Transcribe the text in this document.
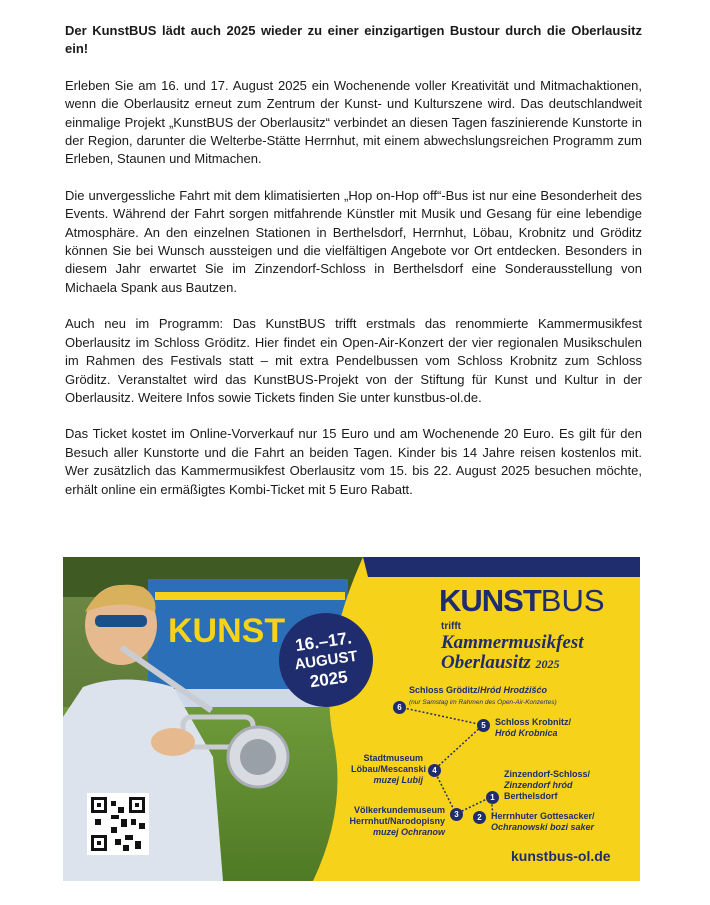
Der KunstBUS lädt auch 2025 wieder zu einer einzigartigen Bustour durch die Oberlausitz ein!

Erleben Sie am 16. und 17. August 2025 ein Wochenende voller Kreativität und Mitmachaktionen, wenn die Oberlausitz erneut zum Zentrum der Kunst- und Kulturszene wird. Das deutschlandweit einmalige Projekt „KunstBUS der Oberlausitz“ verbindet an diesen Tagen faszinierende Kunstorte in der Region, darunter die Welterbe-Stätte Herrnhut, mit einem abwechslungsreichen Programm zum Erleben, Staunen und Mitmachen.

Die unvergessliche Fahrt mit dem klimatisierten „Hop on-Hop off“-Bus ist nur eine Besonderheit des Events. Während der Fahrt sorgen mitfahrende Künstler mit Musik und Gesang für eine lebendige Atmosphäre. An den einzelnen Stationen in Berthelsdorf, Herrnhut, Löbau, Krobnitz und Gröditz können Sie bei Wunsch aussteigen und die vielfältigen Angebote vor Ort entdecken. Besonders in diesem Jahr erwartet Sie im Zinzendorf-Schloss in Berthelsdorf eine Sonderausstellung von Michaela Spank aus Bautzen.

Auch neu im Programm: Das KunstBUS trifft erstmals das renommierte Kammermusikfest Oberlausitz im Schloss Gröditz. Hier findet ein Open-Air-Konzert der vier regionalen Musikschulen im Rahmen des Festivals statt – mit extra Pendelbussen vom Schloss Krobnitz zum Schloss Gröditz. Veranstaltet wird das KunstBUS-Projekt von der Stiftung für Kunst und Kultur in der Oberlausitz. Weitere Infos sowie Tickets finden Sie unter kunstbus-ol.de.

Das Ticket kostet im Online-Vorverkauf nur 15 Euro und am Wochenende 20 Euro. Es gilt für den Besuch aller Kunstorte und die Fahrt an beiden Tagen. Kinder bis 14 Jahre reisen kostenlos mit. Wer zusätzlich das Kammermusikfest Oberlausitz vom 15. bis 22. August 2025 besuchen möchte, erhält online ein ermäßigtes Kombi-Ticket mit 5 Euro Rabatt.

KUNST
KUNSTBUS
trifft
Kammermusikfest
Oberlausitz 2025
16.–17.
AUGUST
2025
6
Schloss Gröditz/Hród Hrodźišćo
(nur Samstag im Rahmen des Open-Air-Konzertes)
5	Schloss Krobnitz/
Hród Krobnica
4
Stadtmuseum
Löbau/Mescanski
muzej Lubij
1
Zinzendorf-Schloss/
Zinzendorf hród
Berthelsdorf
3
Völkerkundemuseum
Herrnhut/Narodopisny
muzej Ochranow
2	Herrnhuter Gottesacker/
Ochranowski bozi saker
kunstbus-ol.de
